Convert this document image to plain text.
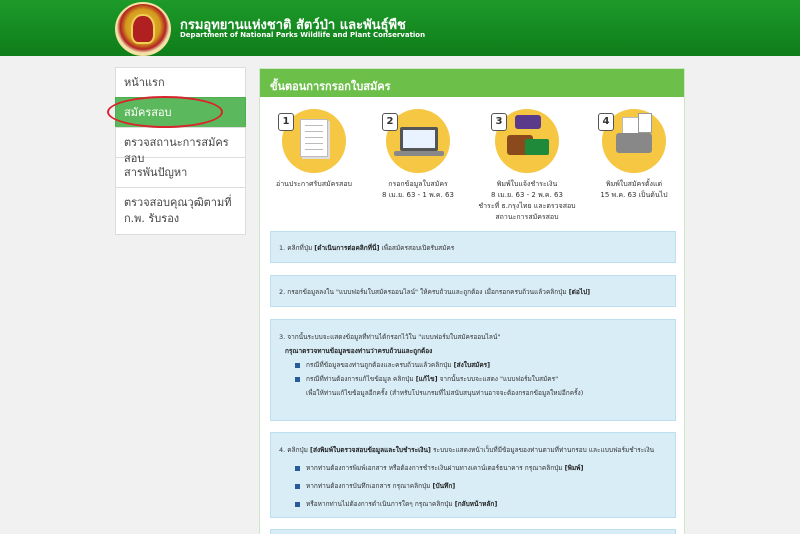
กรมอุทยานแห่งชาติ สัตว์ป่า และพันธุ์พืช
Department of National Parks Wildlife and Plant Conservation
หน้าแรก
สมัครสอบ
ตรวจสถานะการสมัครสอบ
สารพันปัญหา
ตรวจสอบคุณวุฒิตามที่ ก.พ. รับรอง
ขั้นตอนการกรอกใบสมัคร
1
อ่านประกาศรับสมัครสอบ
2
กรอกข้อมูลใบสมัคร
8 เม.ย. 63 - 1 พ.ค. 63
3
พิมพ์ใบแจ้งชำระเงิน
8 เม.ย. 63 - 2 พ.ค. 63
ชำระที่ ธ.กรุงไทย และตรวจสอบ
สถานะการสมัครสอบ
4
พิมพ์ใบสมัครตั้งแต่
15 พ.ค. 63 เป็นต้นไป
1. คลิกที่ปุ่ม [ดำเนินการต่อคลิกที่นี่] เพื่อสมัครสอบเปิดรับสมัคร
2. กรอกข้อมูลลงใน "แบบฟอร์มใบสมัครออนไลน์" ให้ครบถ้วนและถูกต้อง เมื่อกรอกครบถ้วนแล้วคลิกปุ่ม [ต่อไป]
3. จากนั้นระบบจะแสดงข้อมูลที่ท่านได้กรอกไว้ใน "แบบฟอร์มใบสมัครออนไลน์"
กรุณาตรวจทานข้อมูลของท่านว่าครบถ้วนและถูกต้อง
กรณีที่ข้อมูลของท่านถูกต้องและครบถ้วนแล้วคลิกปุ่ม [ส่งใบสมัคร]
กรณีที่ท่านต้องการแก้ไขข้อมูล คลิกปุ่ม [แก้ไข] จากนั้นระบบจะแสดง "แบบฟอร์มใบสมัคร"
เพื่อให้ท่านแก้ไขข้อมูลอีกครั้ง (สำหรับโปรแกรมที่ไม่สนับสนุนท่านอาจจะต้องกรอกข้อมูลใหม่อีกครั้ง)
4. คลิกปุ่ม [ส่งพิมพ์ใบตรวจสอบข้อมูลและใบชำระเงิน] ระบบจะแสดงหน้าเว็บที่มีข้อมูลของท่านตามที่ท่านกรอบ และแบบฟอร์มชำระเงิน
หากท่านต้องการพิมพ์เอกสาร หรือต้องการชำระเงินผ่านทางเคาน์เตอร์ธนาคาร กรุณาคลิกปุ่ม [พิมพ์]
หากท่านต้องการบันทึกเอกสาร กรุณาคลิกปุ่ม [บันทึก]
หรือหากท่านไม่ต้องการดำเนินการใดๆ กรุณาคลิกปุ่ม [กลับหน้าหลัก]
